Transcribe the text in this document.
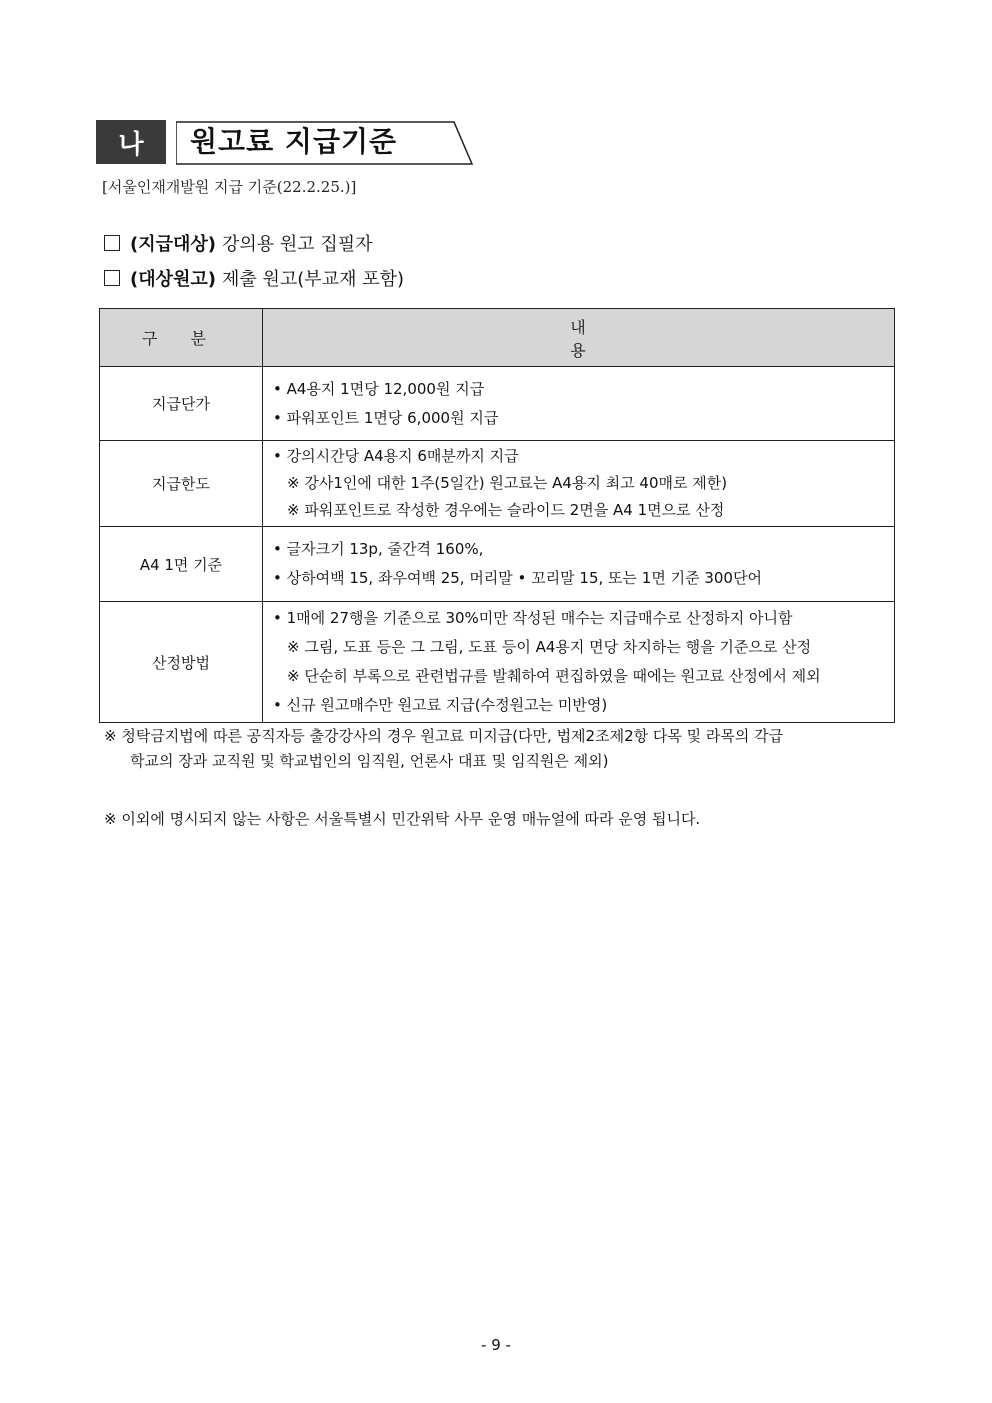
나	원고료 지급기준
[서울인재개발원 지급 기준(22.2.25.)]
(지급대상) 강의용 원고 집필자
(대상원고) 제출 원고(부교재 포함)
구 분	내 용
지급단가	• A4용지 1면당 12,000원 지급
• 파워포인트 1면당 6,000원 지급

지급한도	• 강의시간당 A4용지 6매분까지 지급
※ 강사1인에 대한 1주(5일간) 원고료는 A4용지 최고 40매로 제한)
※ 파워포인트로 작성한 경우에는 슬라이드 2면을 A4 1면으로 산정

A4 1면 기준	• 글자크기 13p, 줄간격 160%,
• 상하여백 15, 좌우여백 25, 머리말 • 꼬리말 15, 또는 1면 기준 300단어

산정방법	• 1매에 27행을 기준으로 30%미만 작성된 매수는 지급매수로 산정하지 아니함
※ 그림, 도표 등은 그 그림, 도표 등이 A4용지 면당 차지하는 행을 기준으로 산정
※ 단순히 부록으로 관련법규를 발췌하여 편집하였을 때에는 원고료 산정에서 제외
• 신규 원고매수만 원고료 지급(수정원고는 미반영)
※ 청탁금지법에 따른 공직자등 출강강사의 경우 원고료 미지급(다만, 법제2조제2항 다목 및 라목의 각급
학교의 장과 교직원 및 학교법인의 임직원, 언론사 대표 및 임직원은 제외)
※ 이외에 명시되지 않는 사항은 서울특별시 민간위탁 사무 운영 매뉴얼에 따라 운영 됩니다.
- 9 -
